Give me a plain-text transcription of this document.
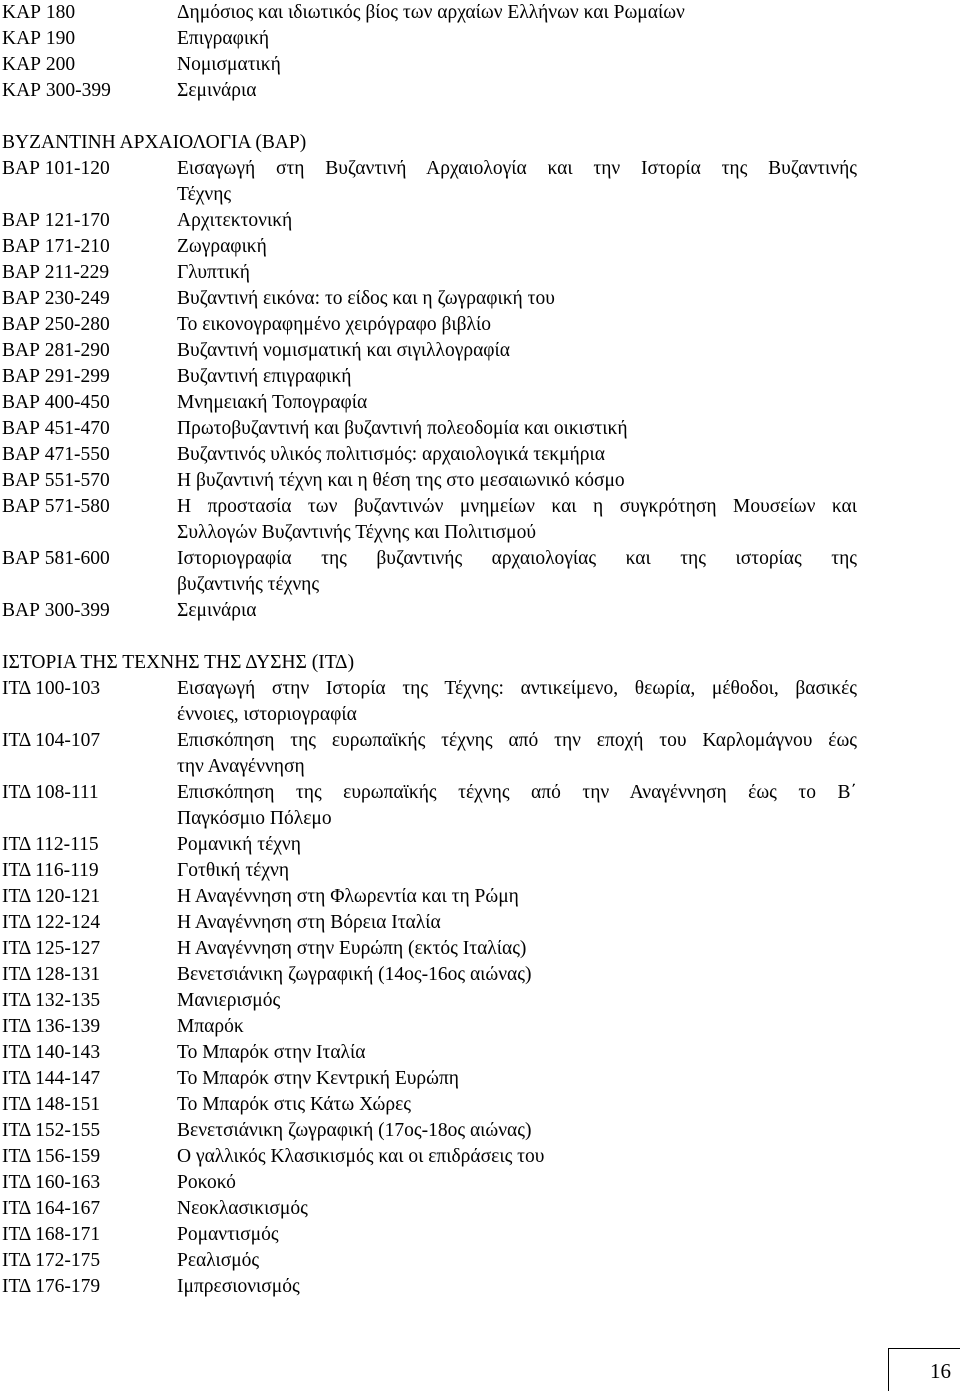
ΚΑΡ 180	Δημόσιος και ιδιωτικός βίος των αρχαίων Ελλήνων και Ρωμαίων
ΚΑΡ 190	Επιγραφική
ΚΑΡ 200	Νομισματική
ΚΑΡ 300-399	Σεμινάρια
ΒΥΖΑΝΤΙΝΗ ΑΡΧΑΙΟΛΟΓΙΑ (ΒΑΡ)
ΒΑΡ 101-120	Εισαγωγή στη Βυζαντινή Αρχαιολογία και την Ιστορία της Βυζαντινής
Τέχνης
ΒΑΡ 121-170	Αρχιτεκτονική
ΒΑΡ 171-210	Ζωγραφική
ΒΑΡ 211-229	Γλυπτική
ΒΑΡ 230-249	Βυζαντινή εικόνα: το είδος και η ζωγραφική του
ΒΑΡ 250-280	Το εικονογραφημένο χειρόγραφο βιβλίο
ΒΑΡ 281-290	Βυζαντινή νομισματική και σιγιλλογραφία
ΒΑΡ 291-299	Βυζαντινή επιγραφική
ΒΑΡ 400-450	Μνημειακή Τοπογραφία
ΒΑΡ 451-470	Πρωτοβυζαντινή και βυζαντινή πολεοδομία και οικιστική
ΒΑΡ 471-550	Βυζαντινός υλικός πολιτισμός: αρχαιολογικά τεκμήρια
ΒΑΡ 551-570	Η βυζαντινή τέχνη και η θέση της στο μεσαιωνικό κόσμο
ΒΑΡ 571-580	Η προστασία των βυζαντινών μνημείων και η συγκρότηση Μουσείων και
Συλλογών Βυζαντινής Τέχνης και Πολιτισμού
ΒΑΡ 581-600	Ιστοριογραφία της βυζαντινής αρχαιολογίας και της ιστορίας της
βυζαντινής τέχνης
ΒΑΡ 300-399	Σεμινάρια
ΙΣΤΟΡΙΑ ΤΗΣ ΤΕΧΝΗΣ ΤΗΣ ΔΥΣΗΣ (ΙΤΔ)
ΙΤΔ 100-103	Εισαγωγή στην Ιστορία της Τέχνης: αντικείμενο, θεωρία, μέθοδοι, βασικές
έννοιες, ιστοριογραφία
ΙΤΔ 104-107	Επισκόπηση της ευρωπαϊκής τέχνης από την εποχή του Καρλομάγνου έως
την Αναγέννηση
ΙΤΔ 108-111	Επισκόπηση της ευρωπαϊκής τέχνης από την Αναγέννηση έως το Β΄
Παγκόσμιο Πόλεμο
ΙΤΔ 112-115	Ρομανική τέχνη
ΙΤΔ 116-119	Γοτθική τέχνη
ΙΤΔ 120-121	Η Αναγέννηση στη Φλωρεντία και τη Ρώμη
ΙΤΔ 122-124	Η Αναγέννηση στη Βόρεια Ιταλία
ΙΤΔ 125-127	Η Αναγέννηση στην Ευρώπη (εκτός Ιταλίας)
ΙΤΔ 128-131	Βενετσιάνικη ζωγραφική (14ος-16ος αιώνας)
ΙΤΔ 132-135	Μανιερισμός
ΙΤΔ 136-139	Μπαρόκ
ΙΤΔ 140-143	Το Μπαρόκ στην Ιταλία
ΙΤΔ 144-147	Το Μπαρόκ στην Κεντρική Ευρώπη
ΙΤΔ 148-151	Το Μπαρόκ στις Κάτω Χώρες
ΙΤΔ 152-155	Βενετσιάνικη ζωγραφική (17ος-18ος αιώνας)
ΙΤΔ 156-159	Ο γαλλικός Κλασικισμός και οι επιδράσεις του
ΙΤΔ 160-163	Ροκοκό
ΙΤΔ 164-167	Νεοκλασικισμός
ΙΤΔ 168-171	Ρομαντισμός
ΙΤΔ 172-175	Ρεαλισμός
ΙΤΔ 176-179	Ιμπρεσιονισμός
16
